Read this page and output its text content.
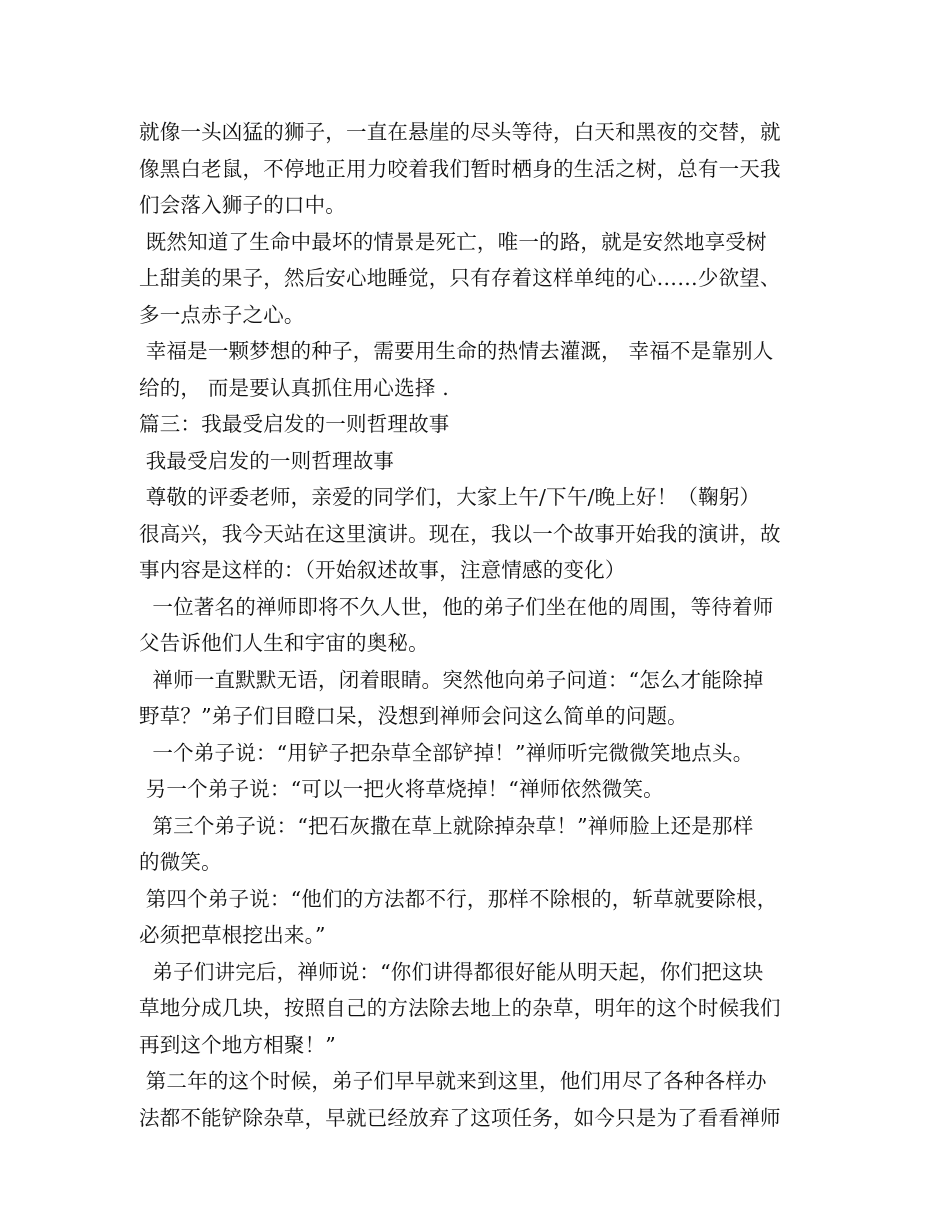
就像一头凶猛的狮子，一直在悬崖的尽头等待，白天和黑夜的交替，就
像黑白老鼠，不停地正用力咬着我们暂时栖身的生活之树，总有一天我
们会落入狮子的口中。
既然知道了生命中最坏的情景是死亡，唯一的路，就是安然地享受树
上甜美的果子，然后安心地睡觉，只有存着这样单纯的心……少欲望、
多一点赤子之心。
幸福是一颗梦想的种子，需要用生命的热情去灌溉， 幸福不是靠别人
给的， 而是要认真抓住用心选择 .
篇三：我最受启发的一则哲理故事
我最受启发的一则哲理故事
尊敬的评委老师，亲爱的同学们，大家上午/下午/晚上好！（鞠躬）
很高兴，我今天站在这里演讲。现在，我以一个故事开始我的演讲，故
事内容是这样的：（开始叙述故事，注意情感的变化）
一位著名的禅师即将不久人世，他的弟子们坐在他的周围，等待着师
父告诉他们人生和宇宙的奥秘。
禅师一直默默无语，闭着眼睛。突然他向弟子问道：“怎么才能除掉
野草？”弟子们目瞪口呆，没想到禅师会问这么简单的问题。
一个弟子说：“用铲子把杂草全部铲掉！”禅师听完微微笑地点头。
另一个弟子说：“可以一把火将草烧掉！“禅师依然微笑。
第三个弟子说：“把石灰撒在草上就除掉杂草！”禅师脸上还是那样
的微笑。
第四个弟子说：“他们的方法都不行，那样不除根的，斩草就要除根，
必须把草根挖出来。”
弟子们讲完后，禅师说：“你们讲得都很好能从明天起，你们把这块
草地分成几块，按照自己的方法除去地上的杂草，明年的这个时候我们
再到这个地方相聚！”
第二年的这个时候，弟子们早早就来到这里，他们用尽了各种各样办
法都不能铲除杂草，早就已经放弃了这项任务，如今只是为了看看禅师
